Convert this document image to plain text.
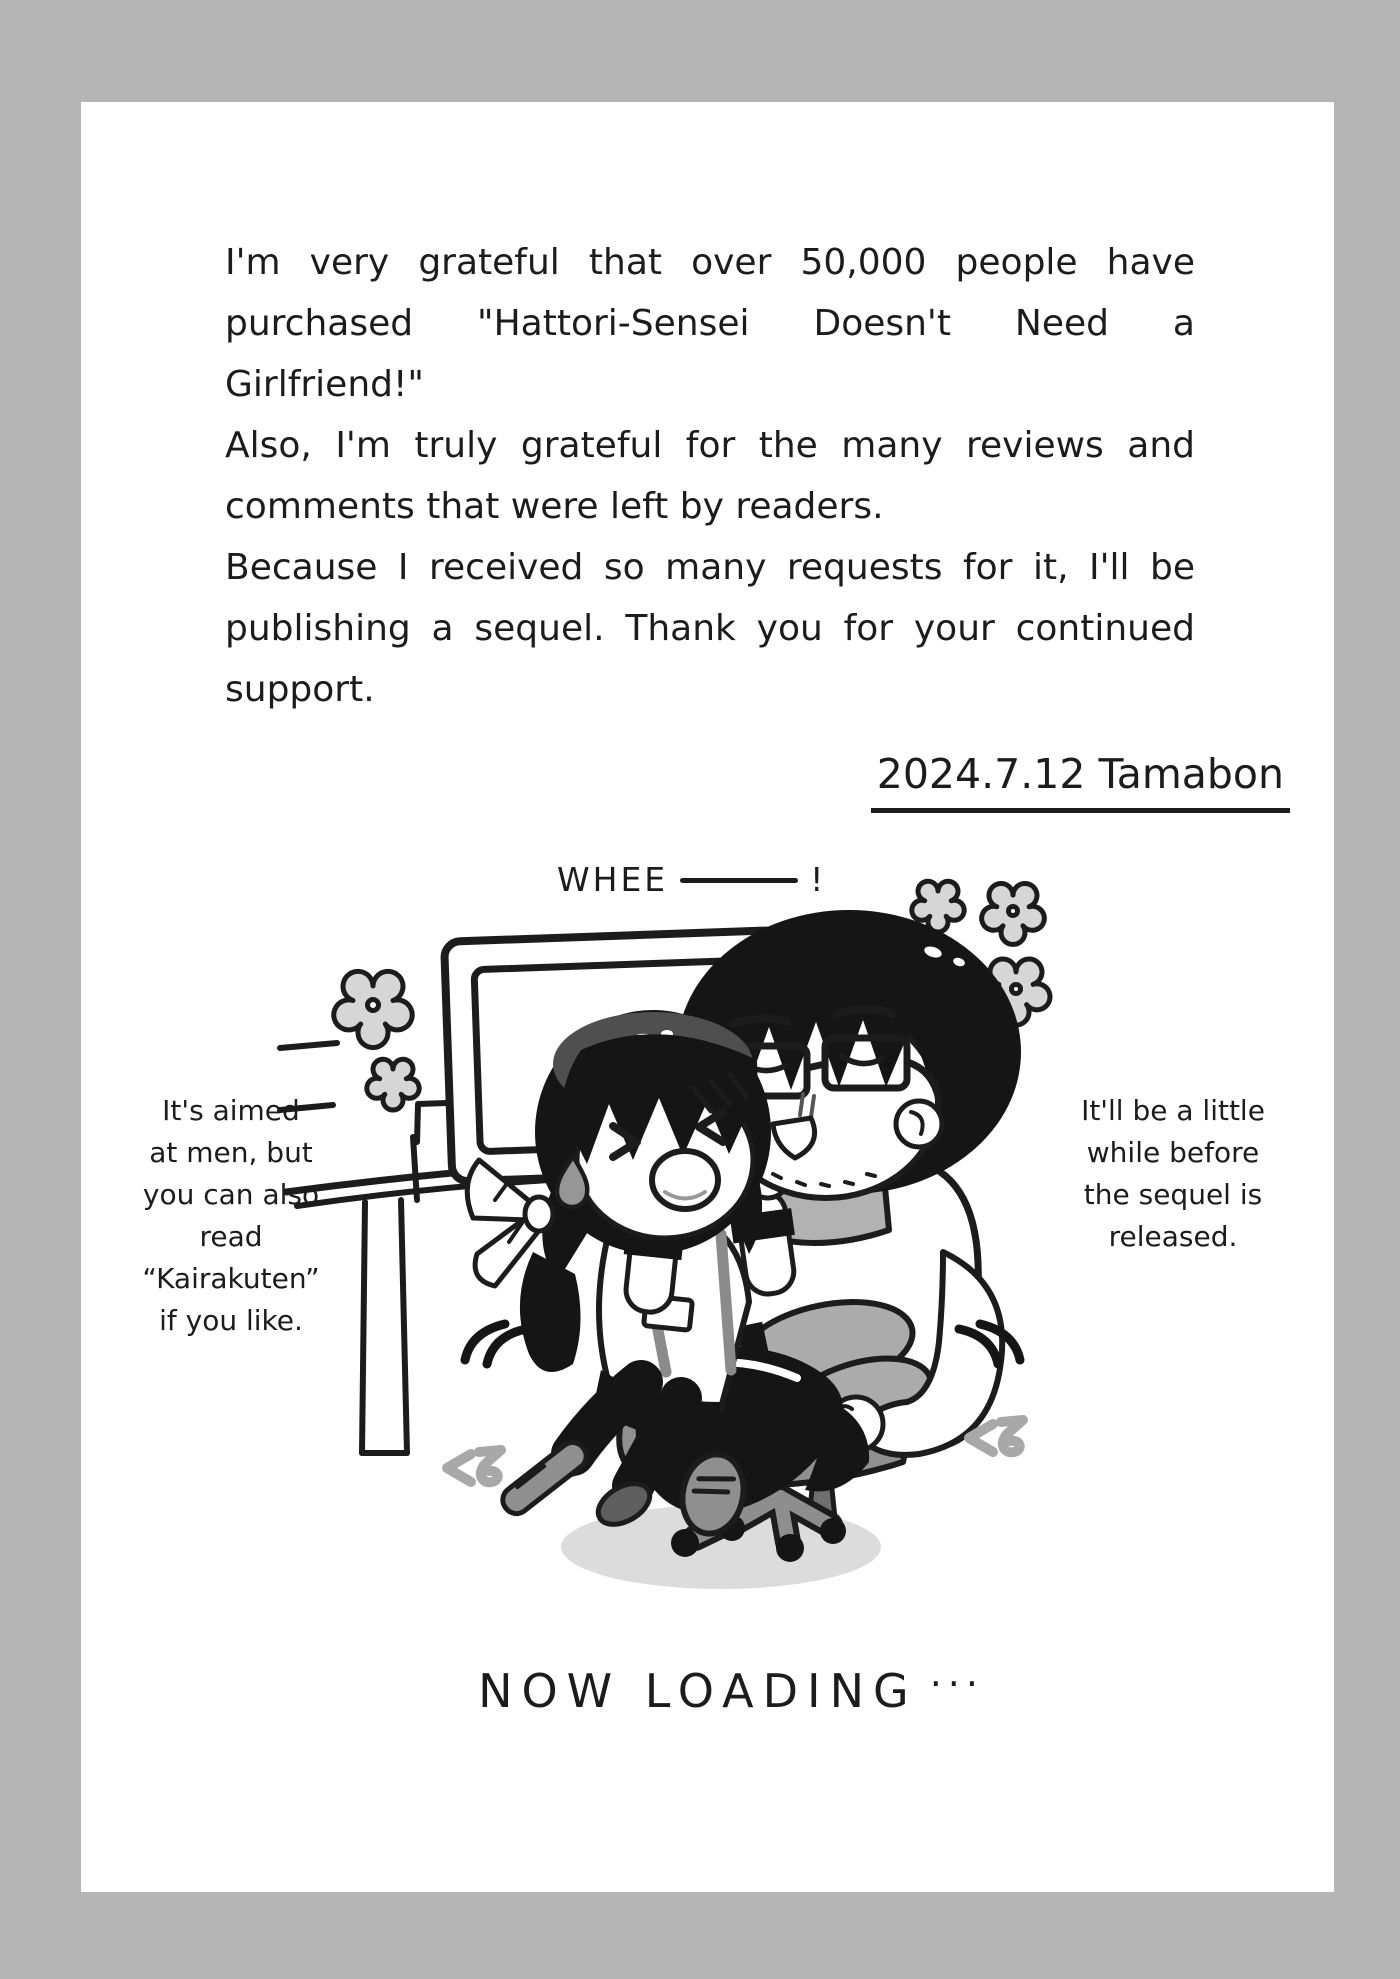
I'm very grateful that over 50,000 people have
purchased "Hattori-Sensei Doesn't Need a
Girlfriend!"
Also, I'm truly grateful for the many reviews and
comments that were left by readers.
Because I received so many requests for it, I'll be
publishing a sequel. Thank you for your continued
support.
2024.7.12 Tamabon
WHEE	!
It's aimed
at men, but
you can also
read
“Kairakuten”
if you like.
It'll be a little
while before
the sequel is
released.
NOW LOADING ···
